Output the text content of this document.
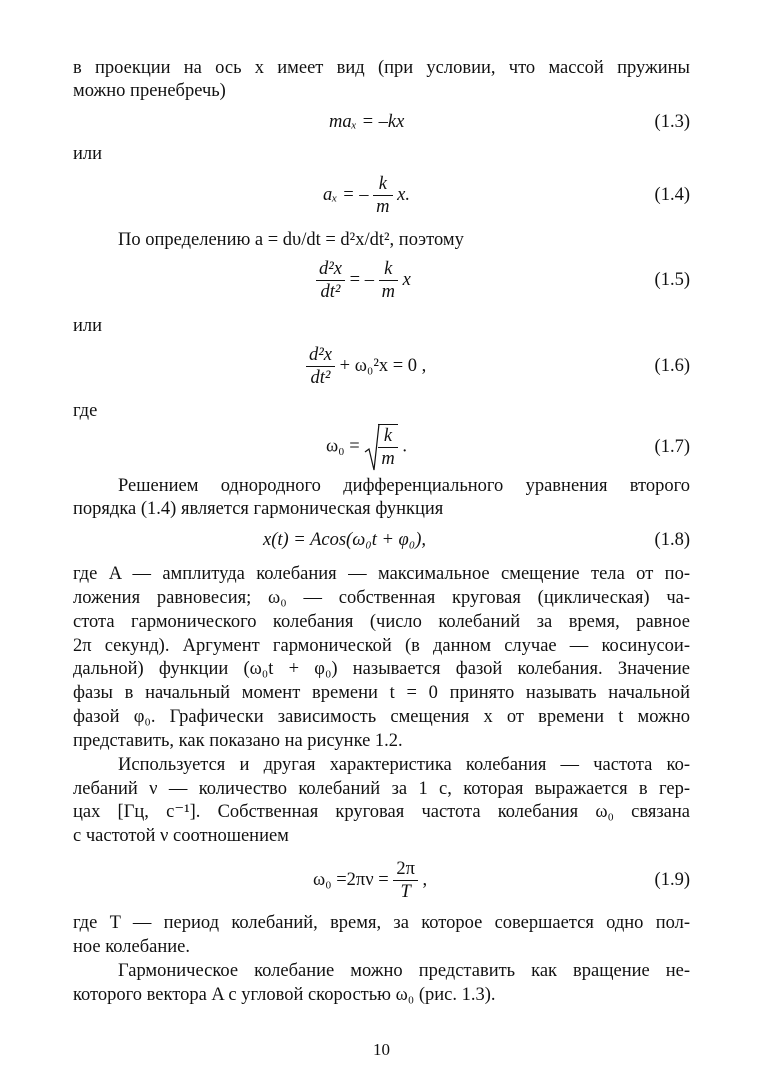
в проекции на ось x имеет вид (при условии, что массой пружины
можно пренебречь)
maₓ = –kx	(1.3)
или
aₓ = – $\frac{k}{m} x$.	(1.4)
По определению a = dυ/dt = d²x/dt², поэтому
$\frac{\text{d²x}}{\text{dt²}}$ = – $\frac{k}{m}$ x	(1.5)
или
$\frac{\text{d²x}}{\text{dt²}} + \omega_0^2x = 0$ ,	(1.6)
где
$\omega_0 = \frac{k}{m}$ .	(1.7)
Решением однородного дифференциального уравнения второго
порядка (1.4) является гармоническая функция
x(t) = Acos(ω₀t + φ₀),	(1.8)
где A — амплитуда колебания — максимальное смещение тела от по-
ложения равновесия; ω₀ — собственная круговая (циклическая) ча-
стота гармонического колебания (число колебаний за время, равное
2π секунд). Аргумент гармонической (в данном случае — косинусои-
дальной) функции (ω₀t + φ₀) называется фазой колебания. Значение
фазы в начальный момент времени t = 0 принято называть начальной
фазой φ₀. Графически зависимость смещения x от времени t можно
представить, как показано на рисунке 1.2.
Используется и другая характеристика колебания — частота ко-
лебаний ν — количество колебаний за 1 с, которая выражается в гер-
цах [Гц, с⁻¹]. Собственная круговая частота колебания ω₀ связана
с частотой ν соотношением
$\omega_0 =2\pi\nu = \frac{2\pi}{T}$ ,	(1.9)
где T — период колебаний, время, за которое совершается одно пол-
ное колебание.
Гармоническое колебание можно представить как вращение не-
которого вектора A с угловой скоростью ω₀ (рис. 1.3).
10
